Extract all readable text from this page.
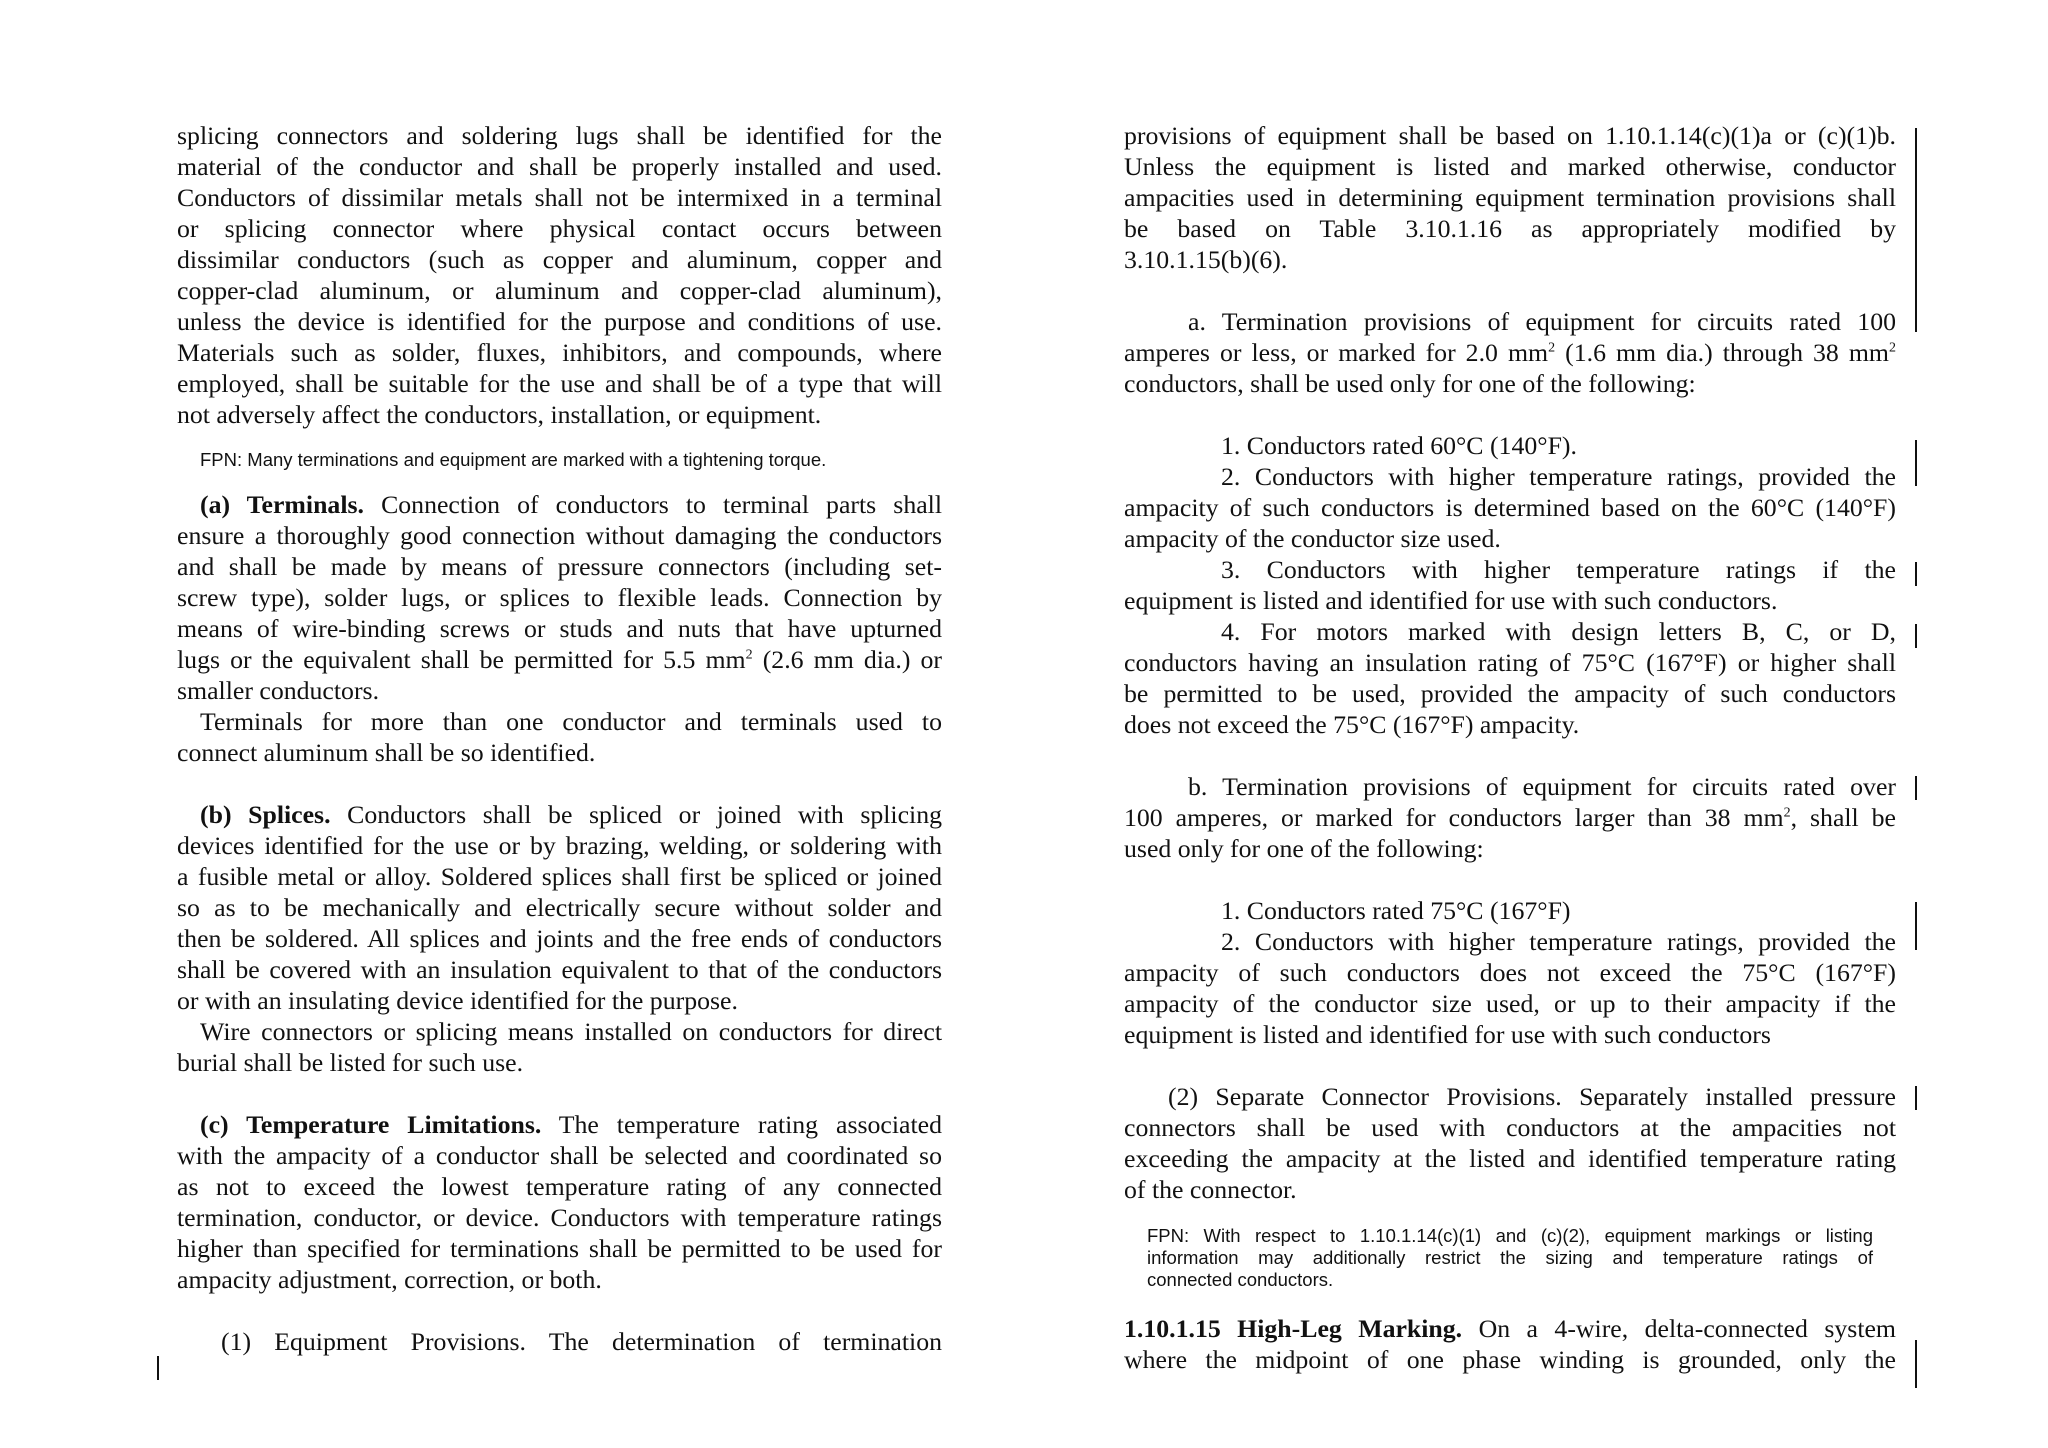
splicing connectors and soldering lugs shall be identified for the
material of the conductor and shall be properly installed and used.
Conductors of dissimilar metals shall not be intermixed in a terminal
or splicing connector where physical contact occurs between
dissimilar conductors (such as copper and aluminum, copper and
copper-clad aluminum, or aluminum and copper-clad aluminum),
unless the device is identified for the purpose and conditions of use.
Materials such as solder, fluxes, inhibitors, and compounds, where
employed, shall be suitable for the use and shall be of a type that will
not adversely affect the conductors, installation, or equipment.
FPN: Many terminations and equipment are marked with a tightening torque.
(a) Terminals. Connection of conductors to terminal parts shall
ensure a thoroughly good connection without damaging the conductors
and shall be made by means of pressure connectors (including set-
screw type), solder lugs, or splices to flexible leads. Connection by
means of wire-binding screws or studs and nuts that have upturned
lugs or the equivalent shall be permitted for 5.5 $mm^2$ (2.6 mm dia.) or
smaller conductors.
Terminals for more than one conductor and terminals used to
connect aluminum shall be so identified.
(b) Splices. Conductors shall be spliced or joined with splicing
devices identified for the use or by brazing, welding, or soldering with
a fusible metal or alloy. Soldered splices shall first be spliced or joined
so as to be mechanically and electrically secure without solder and
then be soldered. All splices and joints and the free ends of conductors
shall be covered with an insulation equivalent to that of the conductors
or with an insulating device identified for the purpose.
Wire connectors or splicing means installed on conductors for direct
burial shall be listed for such use.
(c) Temperature Limitations. The temperature rating associated
with the ampacity of a conductor shall be selected and coordinated so
as not to exceed the lowest temperature rating of any connected
termination, conductor, or device. Conductors with temperature ratings
higher than specified for terminations shall be permitted to be used for
ampacity adjustment, correction, or both.
(1) Equipment Provisions. The determination of termination
provisions of equipment shall be based on 1.10.1.14(c)(1)a or (c)(1)b.
Unless the equipment is listed and marked otherwise, conductor
ampacities used in determining equipment termination provisions shall
be based on Table 3.10.1.16 as appropriately modified by
3.10.1.15(b)(6).
a. Termination provisions of equipment for circuits rated 100
amperes or less, or marked for 2.0 $mm^2$ (1.6 mm dia.) through 38 $mm^2$
conductors, shall be used only for one of the following:
1. Conductors rated 60°C (140°F).
2. Conductors with higher temperature ratings, provided the
ampacity of such conductors is determined based on the 60°C (140°F)
ampacity of the conductor size used.
3. Conductors with higher temperature ratings if the
equipment is listed and identified for use with such conductors.
4. For motors marked with design letters B, C, or D,
conductors having an insulation rating of 75°C (167°F) or higher shall
be permitted to be used, provided the ampacity of such conductors
does not exceed the 75°C (167°F) ampacity.
b. Termination provisions of equipment for circuits rated over
100 amperes, or marked for conductors larger than 38 $mm^2$, shall be
used only for one of the following:
1. Conductors rated 75°C (167°F)
2. Conductors with higher temperature ratings, provided the
ampacity of such conductors does not exceed the 75°C (167°F)
ampacity of the conductor size used, or up to their ampacity if the
equipment is listed and identified for use with such conductors
(2) Separate Connector Provisions. Separately installed pressure
connectors shall be used with conductors at the ampacities not
exceeding the ampacity at the listed and identified temperature rating
of the connector.
FPN: With respect to 1.10.1.14(c)(1) and (c)(2), equipment markings or listing
information may additionally restrict the sizing and temperature ratings of
connected conductors.
1.10.1.15 High-Leg Marking. On a 4-wire, delta-connected system
where the midpoint of one phase winding is grounded, only the
